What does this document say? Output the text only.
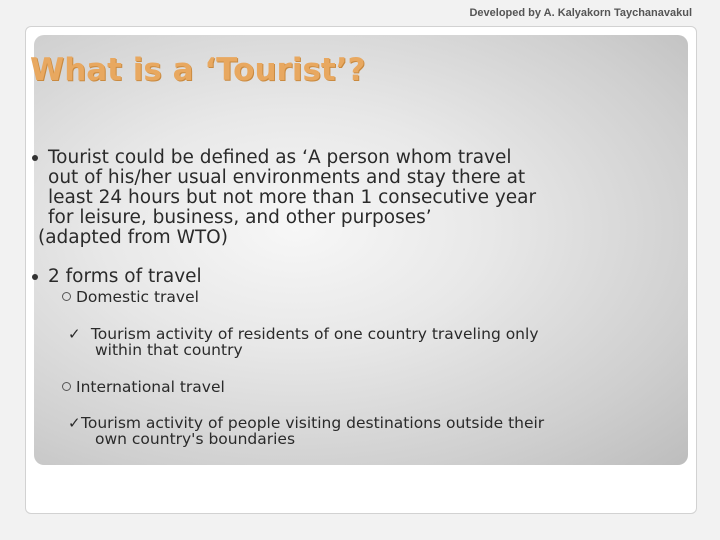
Developed by A. Kalyakorn Taychanavakul
What is a ‘Tourist’?
Tourist could be defined as ‘A person whom travel
out of his/her usual environments and stay there at
least 24 hours but not more than 1 consecutive year
for leisure, business, and other purposes’
(adapted from WTO)
2 forms of travel
Domestic travel
✓ Tourism activity of residents of one country traveling only
within that country
International travel
✓Tourism activity of people visiting destinations outside their
own country's boundaries
